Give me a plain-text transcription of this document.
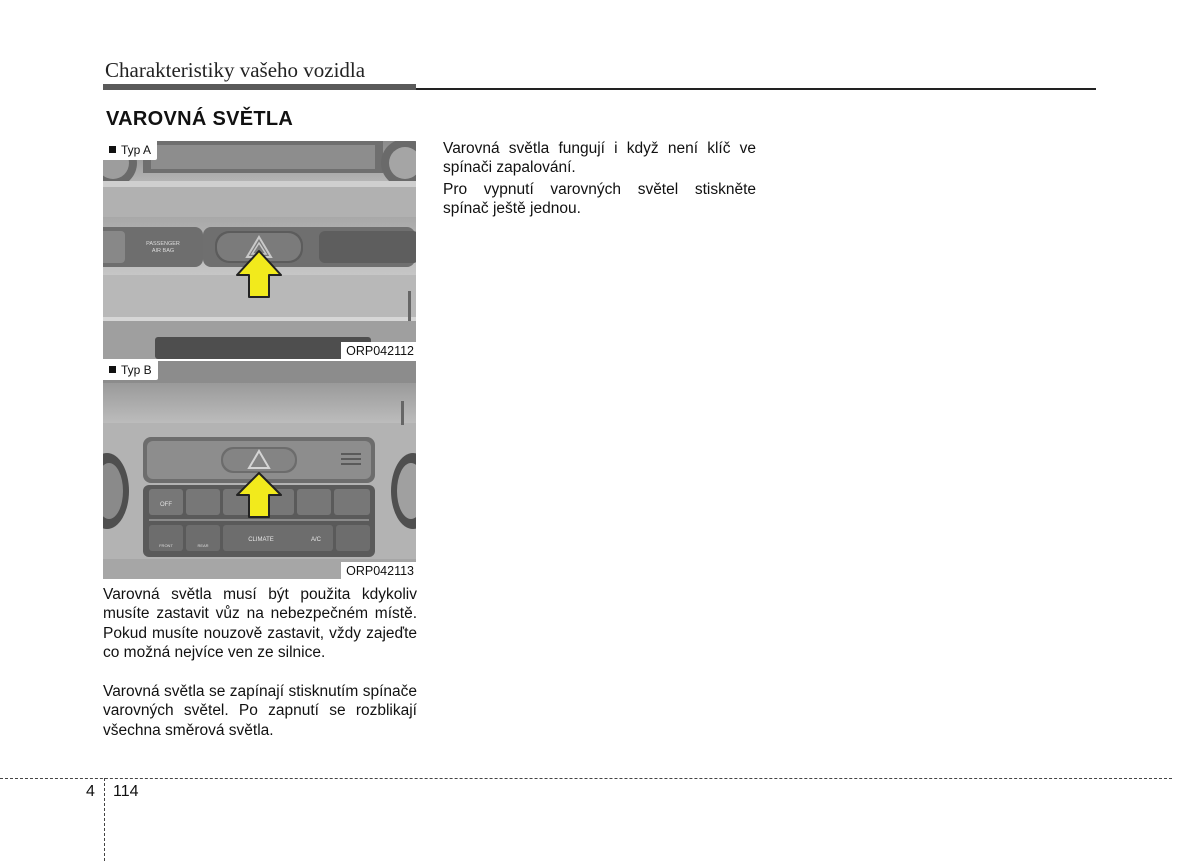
Charakteristiky vašeho vozidla
VAROVNÁ SVĚTLA
PASSENGER
AIR BAG
Typ A
ORP042112
OFF
FRONT	REAR
CLIMATE	A/C
Typ B
ORP042113

Varovná světla musí být použita kdykoliv musíte zastavit vůz na nebezpečném místě. Pokud musíte nouzově zastavit, vždy zajeďte co možná nejvíce ven ze silnice.

Varovná světla se zapínají stisknutím spínače varovných světel. Po zapnutí se rozblikají všechna směrová světla.

Varovná světla fungují i když není klíč ve spínači zapalování.

Pro vypnutí varovných světel stiskněte spínač ještě jednou.

4 114
